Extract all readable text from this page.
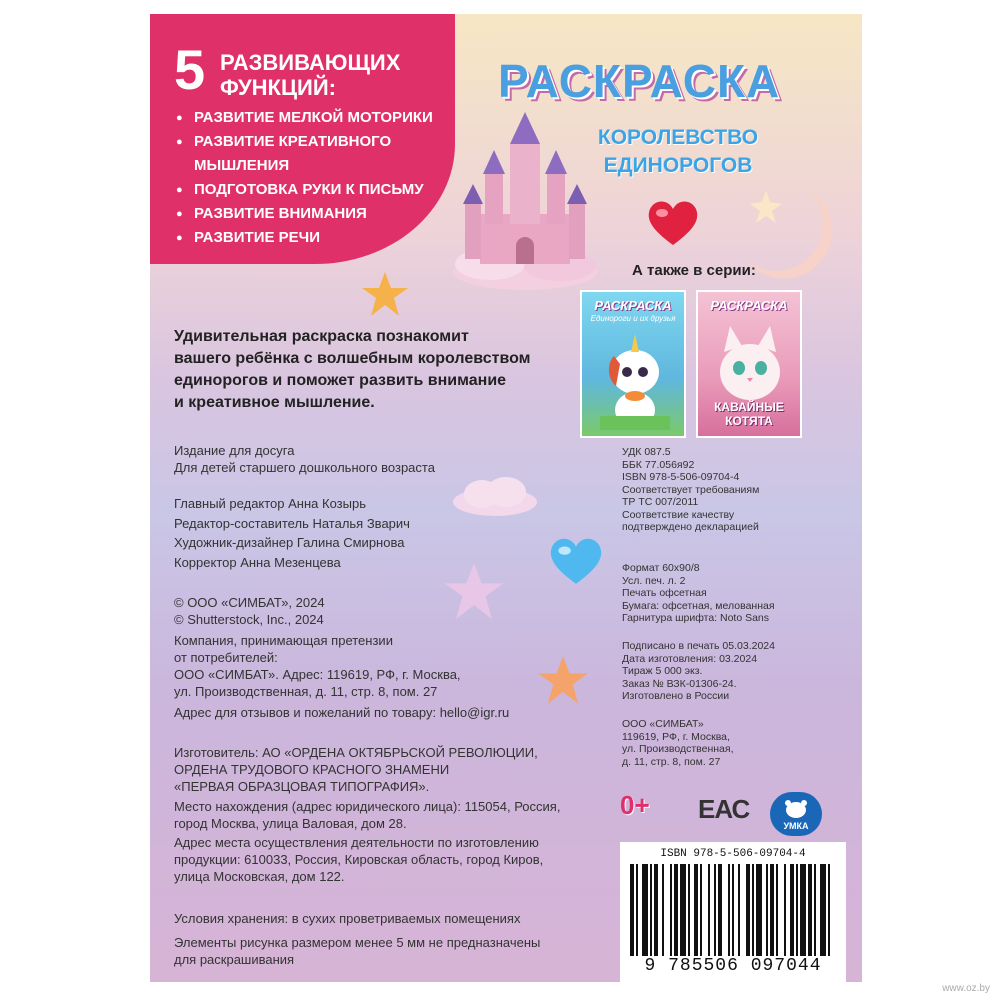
5 РАЗВИВАЮЩИХ
ФУНКЦИЙ:
● РАЗВИТИЕ МЕЛКОЙ МОТОРИКИ
● РАЗВИТИЕ КРЕАТИВНОГО
МЫШЛЕНИЯ
● ПОДГОТОВКА РУКИ К ПИСЬМУ
● РАЗВИТИЕ ВНИМАНИЯ
● РАЗВИТИЕ РЕЧИ
РАСКРАСКА
КОРОЛЕВСТВО
ЕДИНОРОГОВ
А также в серии:
РАСКРАСКА
Единороги и их друзья
РАСКРАСКА
КАВАЙНЫЕ
КОТЯТА
Удивительная раскраска познакомит
вашего ребёнка с волшебным королевством
единорогов и поможет развить внимание
и креативное мышление.
Издание для досуга
Для детей старшего дошкольного возраста
Главный редактор Анна Козырь
Редактор-составитель Наталья Зварич
Художник-дизайнер Галина Смирнова
Корректор Анна Мезенцева
© ООО «СИМБАТ», 2024
© Shutterstock, Inc., 2024
Компания, принимающая претензии
от потребителей:
ООО «СИМБАТ». Адрес: 119619, РФ, г. Москва,
ул. Производственная, д. 11, стр. 8, пом. 27
Адрес для отзывов и пожеланий по товару: hello@igr.ru
Изготовитель: АО «ОРДЕНА ОКТЯБРЬСКОЙ РЕВОЛЮЦИИ,
ОРДЕНА ТРУДОВОГО КРАСНОГО ЗНАМЕНИ
«ПЕРВАЯ ОБРАЗЦОВАЯ ТИПОГРАФИЯ».
Место нахождения (адрес юридического лица): 115054, Россия,
город Москва, улица Валовая, дом 28.
Адрес места осуществления деятельности по изготовлению
продукции: 610033, Россия, Кировская область, город Киров,
улица Московская, дом 122.
Условия хранения: в сухих проветриваемых помещениях
Элементы рисунка размером менее 5 мм не предназначены
для раскрашивания
УДК 087.5
ББК 77.056я92
ISBN 978-5-506-09704-4
Соответствует требованиям
ТР ТС 007/2011
Соответствие качеству
подтверждено декларацией
Формат 60х90/8
Усл. печ. л. 2
Печать офсетная
Бумага: офсетная, мелованная
Гарнитура шрифта: Noto Sans
Подписано в печать 05.03.2024
Дата изготовления: 03.2024
Тираж 5 000 экз.
Заказ № ВЗК-01306-24.
Изготовлено в России
ООО «СИМБАТ»
119619, РФ, г. Москва,
ул. Производственная,
д. 11, стр. 8, пом. 27
0+ ЕАС
УМКА
ISBN 978-5-506-09704-4
9 785506 097044
www.oz.by
